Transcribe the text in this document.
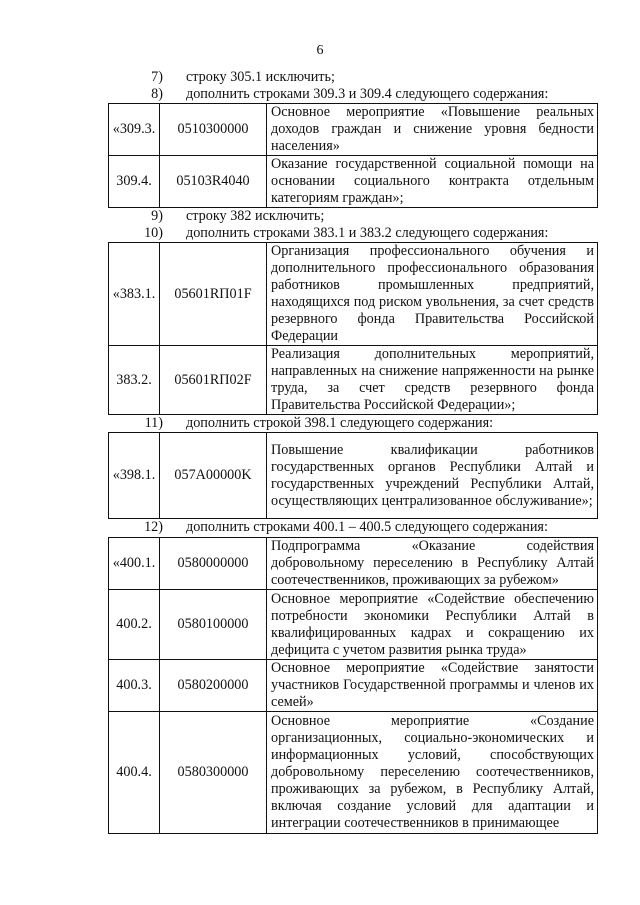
6
7) строку 305.1 исключить;
8) дополнить строками 309.3 и 309.4 следующего содержания:
«309.3.	0510300000	Основное мероприятие «Повышение реальных доходов граждан и снижение уровня бедности населения»
309.4.	05103R4040	Оказание государственной социальной помощи на основании социального контракта отдельным категориям граждан»;
9) строку 382 исключить;
10) дополнить строками 383.1 и 383.2 следующего содержания:
«383.1.	05601RП01F	Организация профессионального обучения и дополнительного профессионального образования работников промышленных предприятий, находящихся под риском увольнения, за счет средств резервного фонда Правительства Российской Федерации
383.2.	05601RП02F	Реализация дополнительных мероприятий, направленных на снижение напряженности на рынке труда, за счет средств резервного фонда Правительства Российской Федерации»;
11) дополнить строкой 398.1 следующего содержания:
«398.1.	057A00000K	Повышение квалификации работников государственных органов Республики Алтай и государственных учреждений Республики Алтай, осуществляющих централизованное обслуживание»;
12) дополнить строками 400.1 – 400.5 следующего содержания:
«400.1.	0580000000	Подпрограмма «Оказание содействия добровольному переселению в Республику Алтай соотечественников, проживающих за рубежом»
400.2.	0580100000	Основное мероприятие «Содействие обеспечению потребности экономики Республики Алтай в квалифицированных кадрах и сокращению их дефицита с учетом развития рынка труда»
400.3.	0580200000	Основное мероприятие «Содействие занятости участников Государственной программы и членов их семей»
400.4.	0580300000	Основное мероприятие «Создание организационных, социально-экономических и информационных условий, способствующих добровольному переселению соотечественников, проживающих за рубежом, в Республику Алтай, включая создание условий для адаптации и интеграции соотечественников в принимающее
